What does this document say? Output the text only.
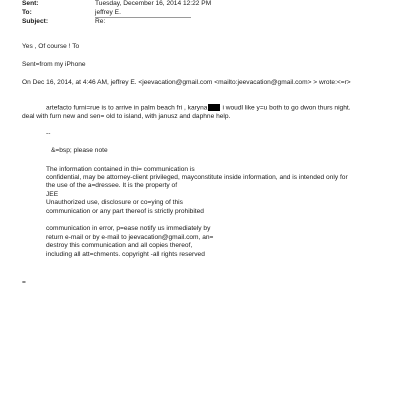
Sent:	Tuesday, December 16, 2014 12:22 PM
To:	jeffrey E.
Subject:	Re:
Yes , Of course ! To
Sent=from my iPhone
On Dec 16, 2014, at 4:46 AM, jeffrey E. <jeevacation@gmail.com <mailto:jeevacation@gmail.com> > wrote:<=r>
artefacto furni=rue is to arrive in palm beach fri , karyna i woudl like y=u both to go dwon thurs night.
deal with furn new and sen= old to island, with janusz and daphne help.
--
&=bsp; please note
The information contained in thi= communication is
confidential, may be attorney-client privileged, mayconstitute inside information, and is intended only for
the use of the a=dressee. It is the property of
JEE
Unauthorized use, disclosure or co=ying of this
communication or any part thereof is strictly prohibited
communication in error, p=ease notify us immediately by
return e-mail or by e-mail to jeevacation@gmail.com, an=
destroy this communication and all copies thereof,
including all att=chments. copyright -all rights reserved
=
